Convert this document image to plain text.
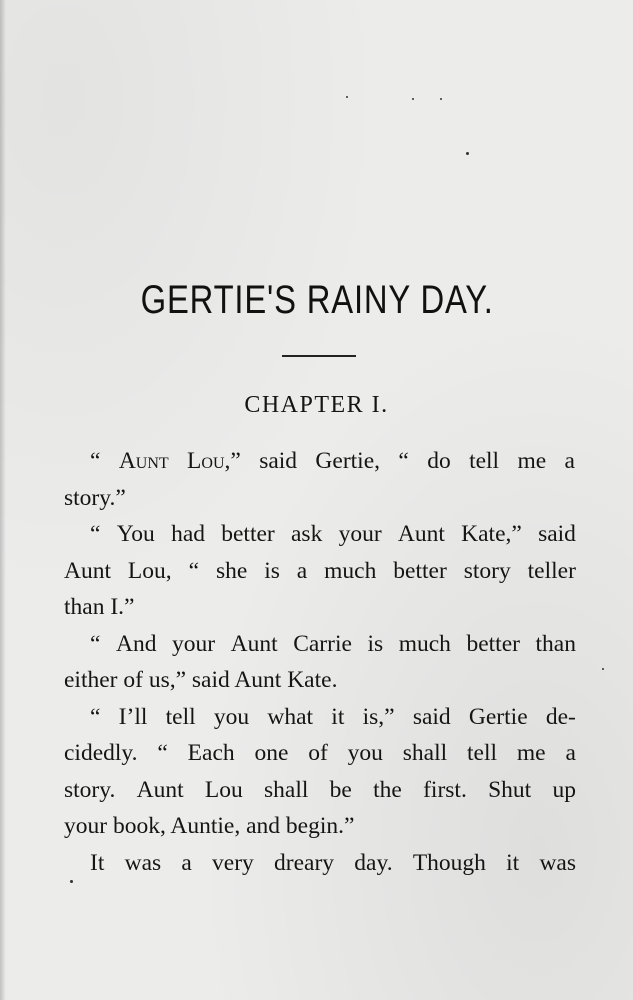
GERTIE'S RAINY DAY.
CHAPTER I.
“ Aunt Lou,” said Gertie, “ do tell me a
story.”
“ You had better ask your Aunt Kate,” said
Aunt Lou, “ she is a much better story teller
than I.”
“ And your Aunt Carrie is much better than
either of us,” said Aunt Kate.
“ I’ll tell you what it is,” said Gertie de-
cidedly. “ Each one of you shall tell me a
story. Aunt Lou shall be the first. Shut up
your book, Auntie, and begin.”
It was a very dreary day. Though it was
